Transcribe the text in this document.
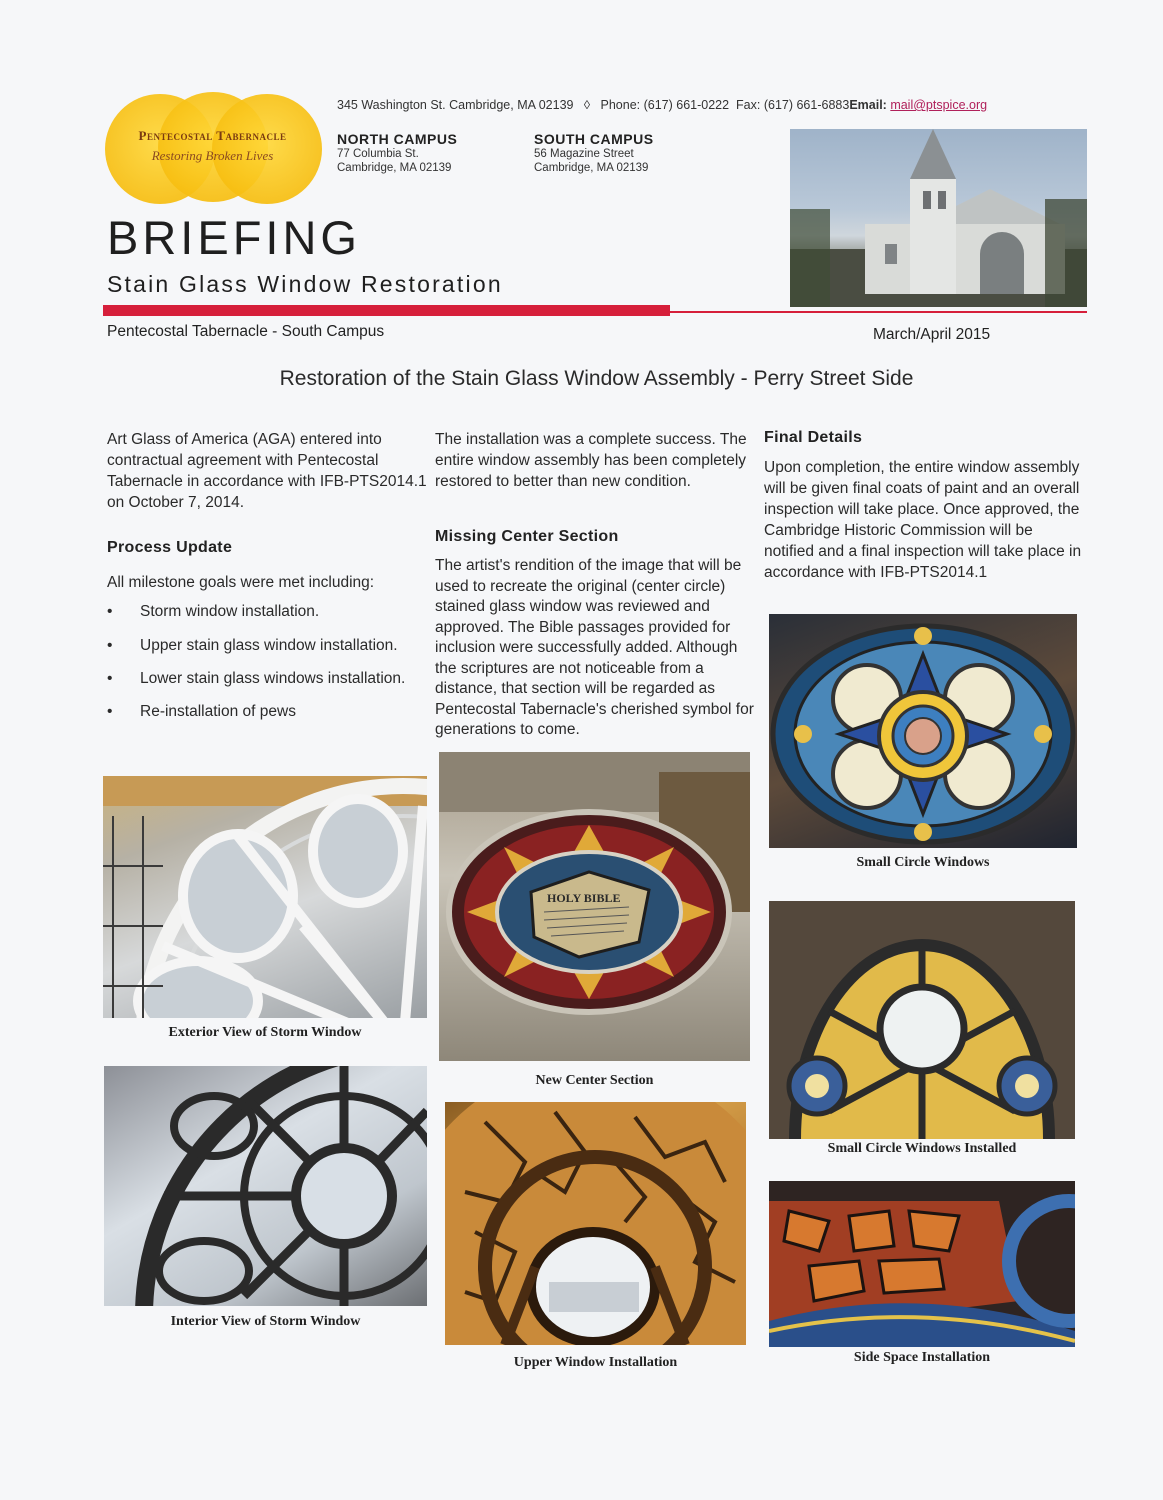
Pentecostal Tabernacle
Restoring Broken Lives
345 Washington St. Cambridge, MA 02139 ◊ Phone: (617) 661-0222 Fax: (617) 661-6883Email: mail@ptspice.org
NORTH CAMPUS
77 Columbia St.
Cambridge, MA 02139
SOUTH CAMPUS
56 Magazine Street
Cambridge, MA 02139
BRIEFING
Stain Glass Window Restoration
Pentecostal Tabernacle - South Campus	March/April 2015
Restoration of the Stain Glass Window Assembly - Perry Street Side
Art Glass of America (AGA) entered into contractual agreement with Pentecostal Tabernacle in accordance with IFB-PTS2014.1 on October 7, 2014.
Process Update
All milestone goals were met including:
• Storm window installation.
• Upper stain glass window installation.
• Lower stain glass windows installation.
• Re-installation of pews
The installation was a complete success. The entire window assembly has been completely restored to better than new condition.
Missing Center Section
The artist's rendition of the image that will be used to recreate the original (center circle) stained glass window was reviewed and approved. The Bible passages provided for inclusion were successfully added. Although the scriptures are not noticeable from a distance, that section will be regarded as Pentecostal Tabernacle's cherished symbol for generations to come.
Final Details
Upon completion, the entire window assembly will be given final coats of paint and an overall inspection will take place. Once approved, the Cambridge Historic Commission will be notified and a final inspection will take place in accordance with IFB-PTS2014.1
Small Circle Windows
Exterior View of Storm Window
HOLY BIBLE
New Center Section
Small Circle Windows Installed
Interior View of Storm Window
Upper Window Installation	Side Space Installation
